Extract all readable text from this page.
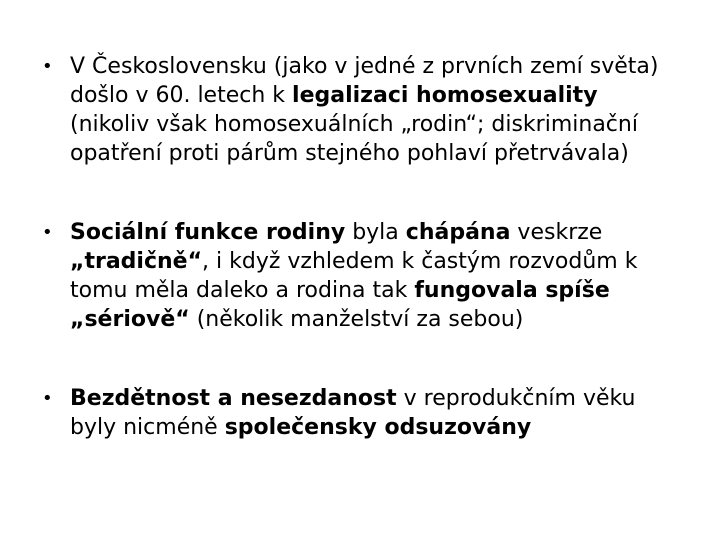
• V Československu (jako v jedné z prvních zemí světa) došlo v 60. letech k legalizaci homosexuality (nikoliv však homosexuálních „rodin“; diskriminační opatření proti párům stejného pohlaví přetrvávala)
• Sociální funkce rodiny byla chápána veskrze „tradičně“, i když vzhledem k častým rozvodům k tomu měla daleko a rodina tak fungovala spíše „sériově“ (několik manželství za sebou)
• Bezdětnost a nesezdanost v reprodukčním věku byly nicméně společensky odsuzovány
